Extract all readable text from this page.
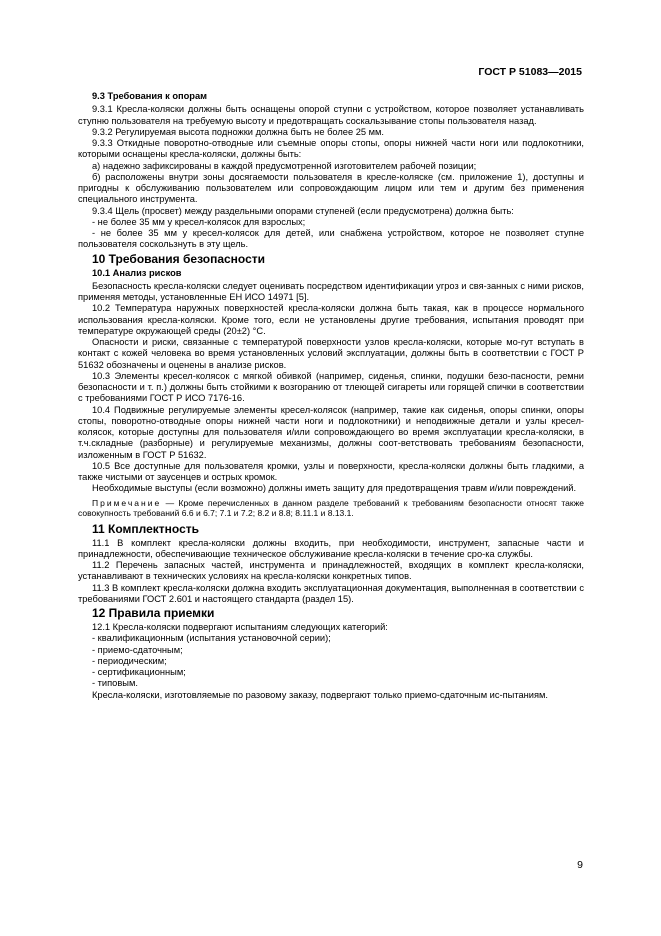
ГОСТ Р 51083—2015

9.3 Требования к опорам

9.3.1 Кресла-коляски должны быть оснащены опорой ступни с устройством, которое позволяет устанавливать ступню пользователя на требуемую высоту и предотвращать соскальзывание стопы пользователя назад.

9.3.2 Регулируемая высота подножки должна быть не более 25 мм.

9.3.3 Откидные поворотно-отводные или съемные опоры стопы, опоры нижней части ноги или подлокотники, которыми оснащены кресла-коляски, должны быть:

а) надежно зафиксированы в каждой предусмотренной изготовителем рабочей позиции;

б) расположены внутри зоны досягаемости пользователя в кресле-коляске (см. приложение 1), доступны и пригодны к обслуживанию пользователем или сопровождающим лицом или тем и другим без применения специального инструмента.

9.3.4 Щель (просвет) между раздельными опорами ступеней (если предусмотрена) должна быть:

- не более 35 мм у кресел-колясок для взрослых;

- не более 35 мм у кресел-колясок для детей, или снабжена устройством, которое не позволяет ступне пользователя соскользнуть в эту щель.

10 Требования безопасности

10.1 Анализ рисков

Безопасность кресла-коляски следует оценивать посредством идентификации угроз и свя-занных с ними рисков, применяя методы, установленные ЕН ИСО 14971 [5].

10.2 Температура наружных поверхностей кресла-коляски должна быть такая, как в процессе нормального использования кресла-коляски. Кроме того, если не установлены другие требования, испытания проводят при температуре окружающей среды (20±2) °С.

Опасности и риски, связанные с температурой поверхности узлов кресла-коляски, которые мо-гут вступать в контакт с кожей человека во время установленных условий эксплуатации, должны быть в соответствии с ГОСТ Р 51632 обозначены и оценены в анализе рисков.

10.3 Элементы кресел-колясок с мягкой обивкой (например, сиденья, спинки, подушки безо-пасности, ремни безопасности и т. п.) должны быть стойкими к возгоранию от тлеющей сигареты или горящей спички в соответствии с требованиями ГОСТ Р ИСО 7176-16.

10.4 Подвижные регулируемые элементы кресел-колясок (например, такие как сиденья, опоры спинки, опоры стопы, поворотно-отводные опоры нижней части ноги и подлокотники) и неподвижные детали и узлы кресел-колясок, которые доступны для пользователя и/или сопровождающего во время эксплуатации кресла-коляски, в т.ч.складные (разборные) и регулируемые механизмы, должны соот-ветствовать требованиям безопасности, изложенным в ГОСТ Р 51632.

10.5 Все доступные для пользователя кромки, узлы и поверхности, кресла-коляски должны быть гладкими, а также чистыми от заусенцев и острых кромок.

Необходимые выступы (если возможно) должны иметь защиту для предотвращения травм и/или повреждений.

Примечание — Кроме перечисленных в данном разделе требований к требованиям безопасности относят также совокупность требований 6.6 и 6.7; 7.1 и 7.2; 8.2 и 8.8; 8.11.1 и 8.13.1.

11 Комплектность

11.1 В комплект кресла-коляски должны входить, при необходимости, инструмент, запасные части и принадлежности, обеспечивающие техническое обслуживание кресла-коляски в течение сро-ка службы.

11.2 Перечень запасных частей, инструмента и принадлежностей, входящих в комплект кресла-коляски, устанавливают в технических условиях на кресла-коляски конкретных типов.

11.3 В комплект кресла-коляски должна входить эксплуатационная документация, выполненная в соответствии с требованиями ГОСТ 2.601 и настоящего стандарта (раздел 15).

12 Правила приемки

12.1 Кресла-коляски подвергают испытаниям следующих категорий:

- квалификационным (испытания установочной серии);

- приемо-сдаточным;

- периодическим;

- сертификационным;

- типовым.

Кресла-коляски, изготовляемые по разовому заказу, подвергают только приемо-сдаточным ис-пытаниям.

9
